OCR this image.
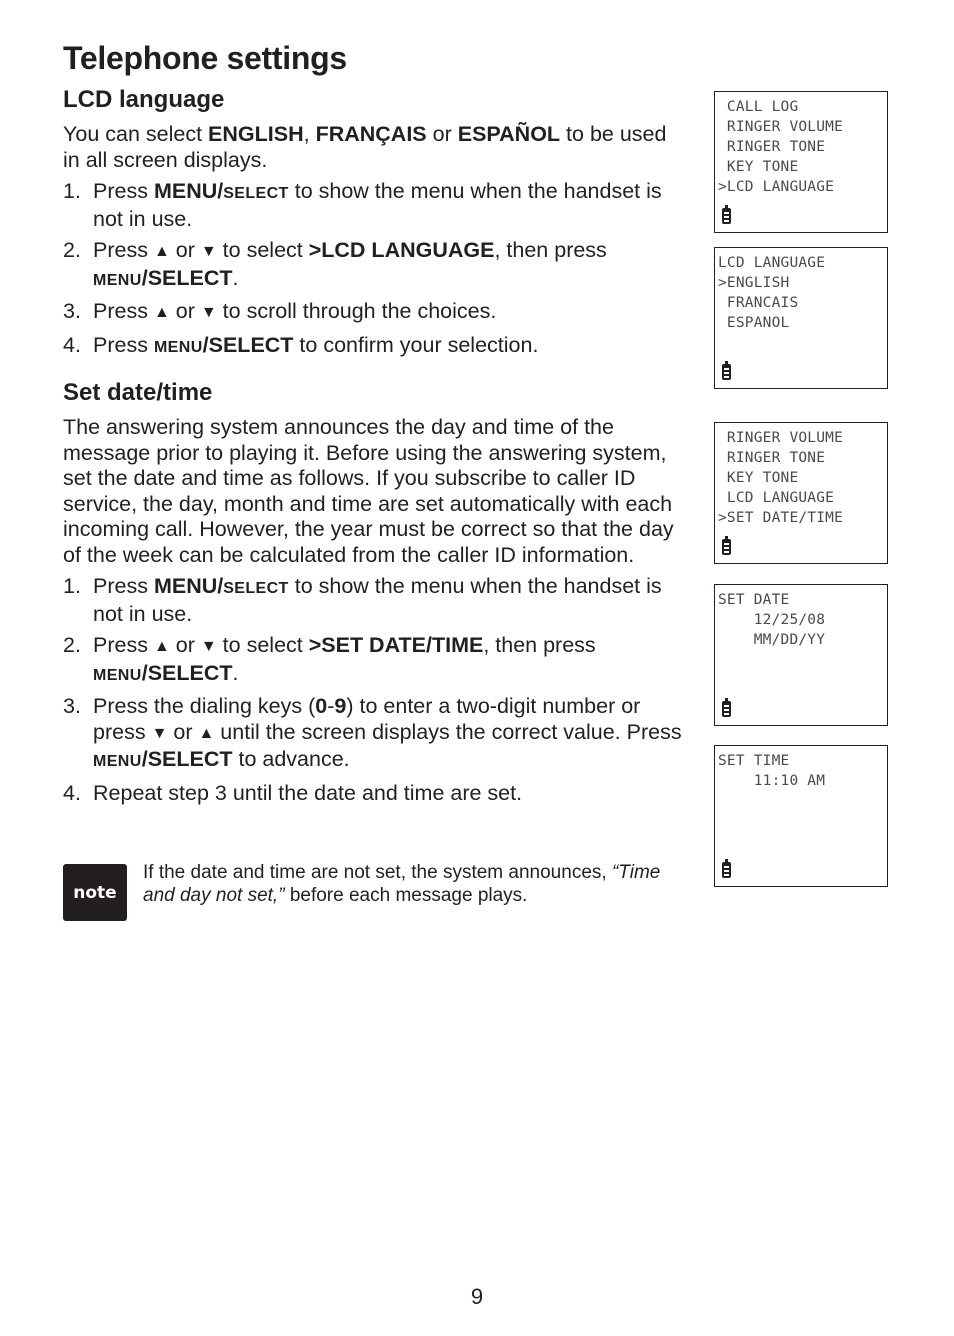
Telephone settings
LCD language

You can select ENGLISH, FRANÇAIS or ESPAÑOL to be used in all screen displays.

1. Press MENU/SELECT to show the menu when the handset is not in use.
2. Press ▲ or ▼ to select >LCD LANGUAGE, then press MENU/SELECT.
3. Press ▲ or ▼ to scroll through the choices.
4. Press MENU/SELECT to confirm your selection.
Set date/time

The answering system announces the day and time of the message prior to playing it. Before using the answering system, set the date and time as follows. If you subscribe to caller ID service, the day, month and time are set automatically with each incoming call. However, the year must be correct so that the day of the week can be calculated from the caller ID information.

1. Press MENU/SELECT to show the menu when the handset is not in use.
2. Press ▲ or ▼ to select >SET DATE/TIME, then press MENU/SELECT.
3. Press the dialing keys (0-9) to enter a two-digit number or press ▼ or ▲ until the screen displays the correct value. Press MENU/SELECT to advance.
4. Repeat step 3 until the date and time are set.
note
If the date and time are not set, the system announces, “Time and day not set,” before each message plays.
CALL LOG
RINGER VOLUME
RINGER TONE
KEY TONE
>LCD LANGUAGE
LCD LANGUAGE
>ENGLISH
FRANCAIS
ESPANOL
RINGER VOLUME
RINGER TONE
KEY TONE
LCD LANGUAGE
>SET DATE/TIME
SET DATE
12/25/08
MM/DD/YY
SET TIME
11:10 AM
9
